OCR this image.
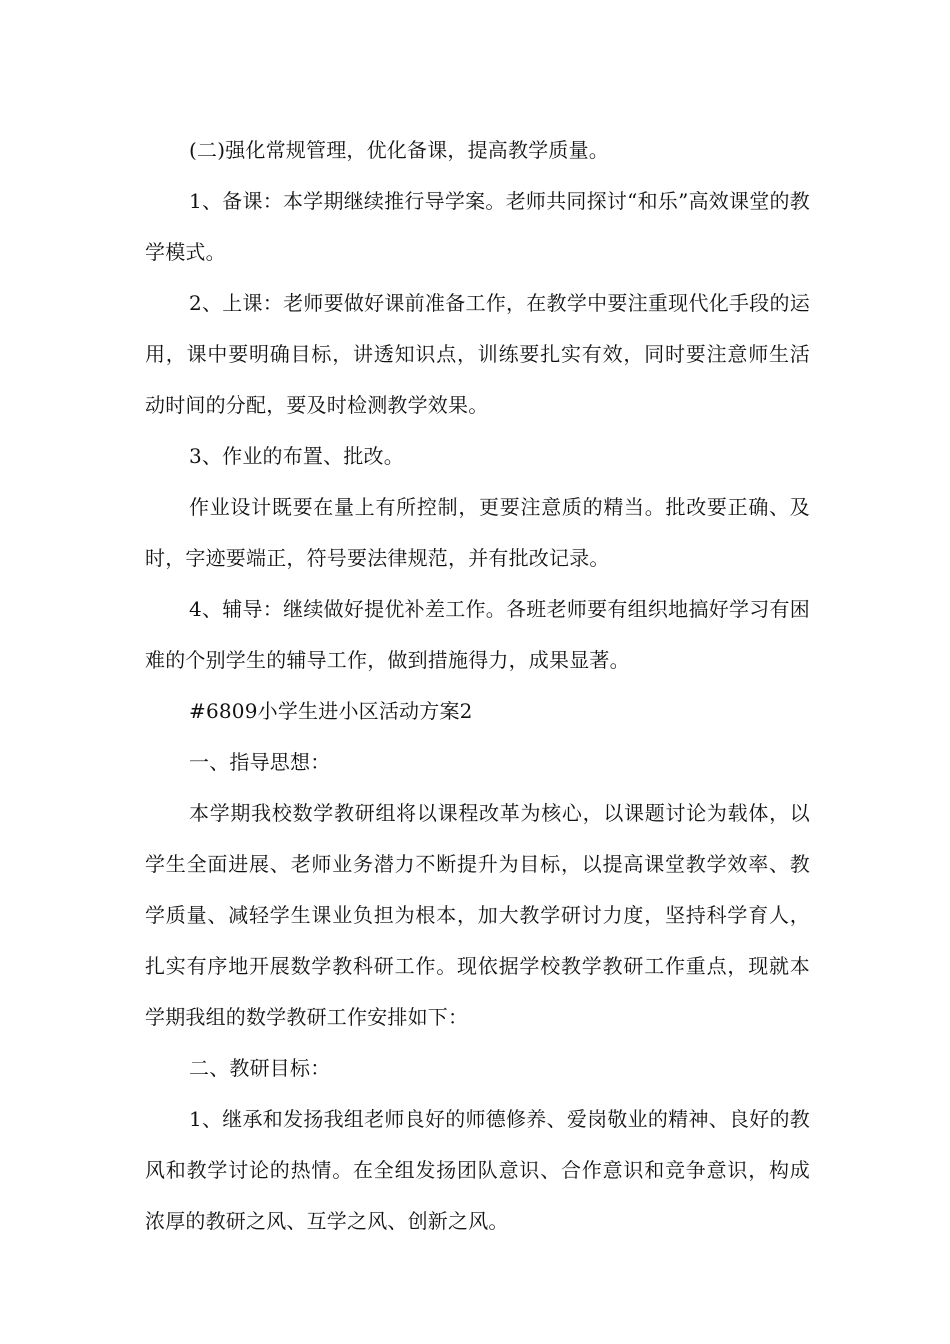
(二)强化常规管理，优化备课，提高教学质量。

1、备课：本学期继续推行导学案。老师共同探讨“和乐”高效课堂的教学模式。

2、上课：老师要做好课前准备工作，在教学中要注重现代化手段的运用，课中要明确目标，讲透知识点，训练要扎实有效，同时要注意师生活动时间的分配，要及时检测教学效果。

3、作业的布置、批改。

作业设计既要在量上有所控制，更要注意质的精当。批改要正确、及时，字迹要端正，符号要法律规范，并有批改记录。

4、辅导：继续做好提优补差工作。各班老师要有组织地搞好学习有困难的个别学生的辅导工作，做到措施得力，成果显著。

#6809小学生进小区活动方案2

一、指导思想：

本学期我校数学教研组将以课程改革为核心，以课题讨论为载体，以学生全面进展、老师业务潜力不断提升为目标，以提高课堂教学效率、教学质量、减轻学生课业负担为根本，加大教学研讨力度，坚持科学育人，扎实有序地开展数学教科研工作。现依据学校教学教研工作重点，现就本学期我组的数学教研工作安排如下：

二、教研目标：

1、继承和发扬我组老师良好的师德修养、爱岗敬业的精神、良好的教风和教学讨论的热情。在全组发扬团队意识、合作意识和竞争意识，构成浓厚的教研之风、互学之风、创新之风。
